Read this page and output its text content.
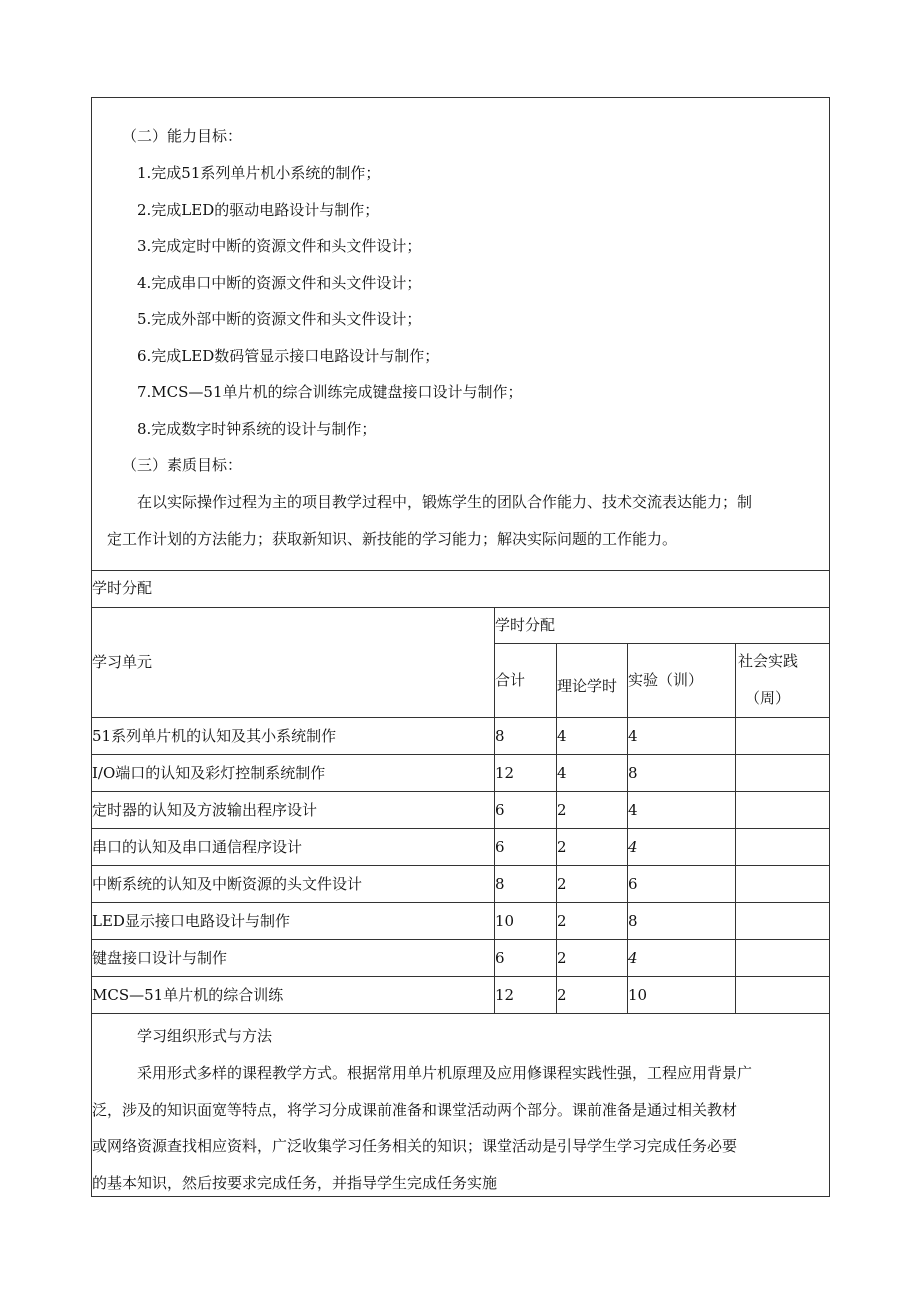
（二）能力目标：
1.完成51系列单片机小系统的制作；
2.完成LED的驱动电路设计与制作；
3.完成定时中断的资源文件和头文件设计；
4.完成串口中断的资源文件和头文件设计；
5.完成外部中断的资源文件和头文件设计；
6.完成LED数码管显示接口电路设计与制作；
7.MCS—51单片机的综合训练完成键盘接口设计与制作；
8.完成数字时钟系统的设计与制作；
（三）素质目标：
在以实际操作过程为主的项目教学过程中，锻炼学生的团队合作能力、技术交流表达能力；制
定工作计划的方法能力；获取新知识、新技能的学习能力；解决实际问题的工作能力。
学时分配
学习单元
学时分配
合计 理论学时 实验（训）
社会实践
（周）
51系列单片机的认知及其小系统制作	8	4	4
I/O端口的认知及彩灯控制系统制作	12	4	8
定时器的认知及方波输出程序设计	6	2	4
串口的认知及串口通信程序设计	6	2	4
中断系统的认知及中断资源的头文件设计	8	2	6
LED显示接口电路设计与制作	10	2	8
键盘接口设计与制作	6	2	4
MCS—51单片机的综合训练	12	2	10
学习组织形式与方法
采用形式多样的课程教学方式。根据常用单片机原理及应用修课程实践性强，工程应用背景广
泛，涉及的知识面宽等特点，将学习分成课前准备和课堂活动两个部分。课前准备是通过相关教材
或网络资源查找相应资料，广泛收集学习任务相关的知识；课堂活动是引导学生学习完成任务必要
的基本知识，然后按要求完成任务，并指导学生完成任务实施
